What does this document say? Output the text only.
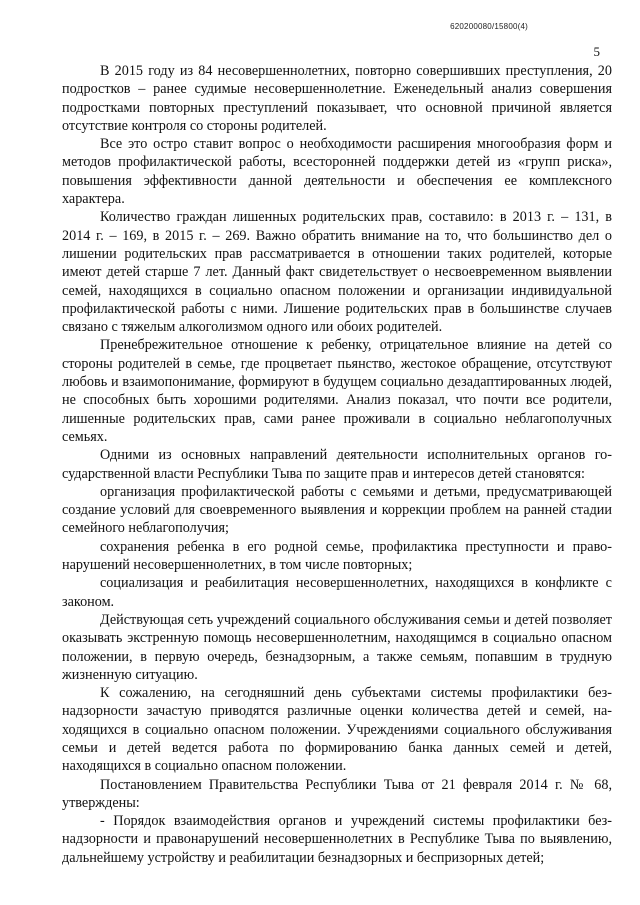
620200080/15800(4)
5

В 2015 году из 84 несовершеннолетних, повторно совершивших преступления, 20 подростков – ранее судимые несовершеннолетние. Еженедельный анализ совершения подростками повторных преступлений показывает, что основной причиной является отсутствие контроля со стороны родителей.

Все это остро ставит вопрос о необходимости расширения многообразия форм и методов профилактической работы, всесторонней поддержки детей из «групп риска», повышения эффективности данной деятельности и обеспечения ее комплексного характера.

Количество граждан лишенных родительских прав, составило: в 2013 г. – 131, в 2014 г. – 169, в 2015 г. – 269. Важно обратить внимание на то, что большинство дел о лишении родительских прав рассматривается в отношении таких родителей, которые имеют детей старше 7 лет. Данный факт свидетельствует о несвоевременном выявлении семей, находящихся в социально опасном положении и организации индивидуальной профилактической работы с ними. Лишение родительских прав в большинстве случаев связано с тяжелым алкоголизмом одного или обоих родителей.

Пренебрежительное отношение к ребенку, отрицательное влияние на детей со стороны родителей в семье, где процветает пьянство, жестокое обращение, отсутствуют любовь и взаимопонимание, формируют в будущем социально дезадаптированных людей, не способных быть хорошими родителями. Анализ показал, что почти все родители, лишенные родительских прав, сами ранее проживали в социально неблагополучных семьях.

Одними из основных направлений деятельности исполнительных органов государственной власти Республики Тыва по защите прав и интересов детей становятся:

организация профилактической работы с семьями и детьми, предусматривающей создание условий для своевременного выявления и коррекции проблем на ранней стадии семейного неблагополучия;

сохранения ребенка в его родной семье, профилактика преступности и правонарушений несовершеннолетних, в том числе повторных;

социализация и реабилитация несовершеннолетних, находящихся в конфликте с законом.

Действующая сеть учреждений социального обслуживания семьи и детей позволяет оказывать экстренную помощь несовершеннолетним, находящимся в социально опасном положении, в первую очередь, безнадзорным, а также семьям, попавшим в трудную жизненную ситуацию.

К сожалению, на сегодняшний день субъектами системы профилактики безнадзорности зачастую приводятся различные оценки количества детей и семей, находящихся в социально опасном положении. Учреждениями социального обслуживания семьи и детей ведется работа по формированию банка данных семей и детей, находящихся в социально опасном положении.

Постановлением Правительства Республики Тыва от 21 февраля 2014 г. № 68, утверждены:

- Порядок взаимодействия органов и учреждений системы профилактики безнадзорности и правонарушений несовершеннолетних в Республике Тыва по выявлению, дальнейшему устройству и реабилитации безнадзорных и беспризорных детей;
